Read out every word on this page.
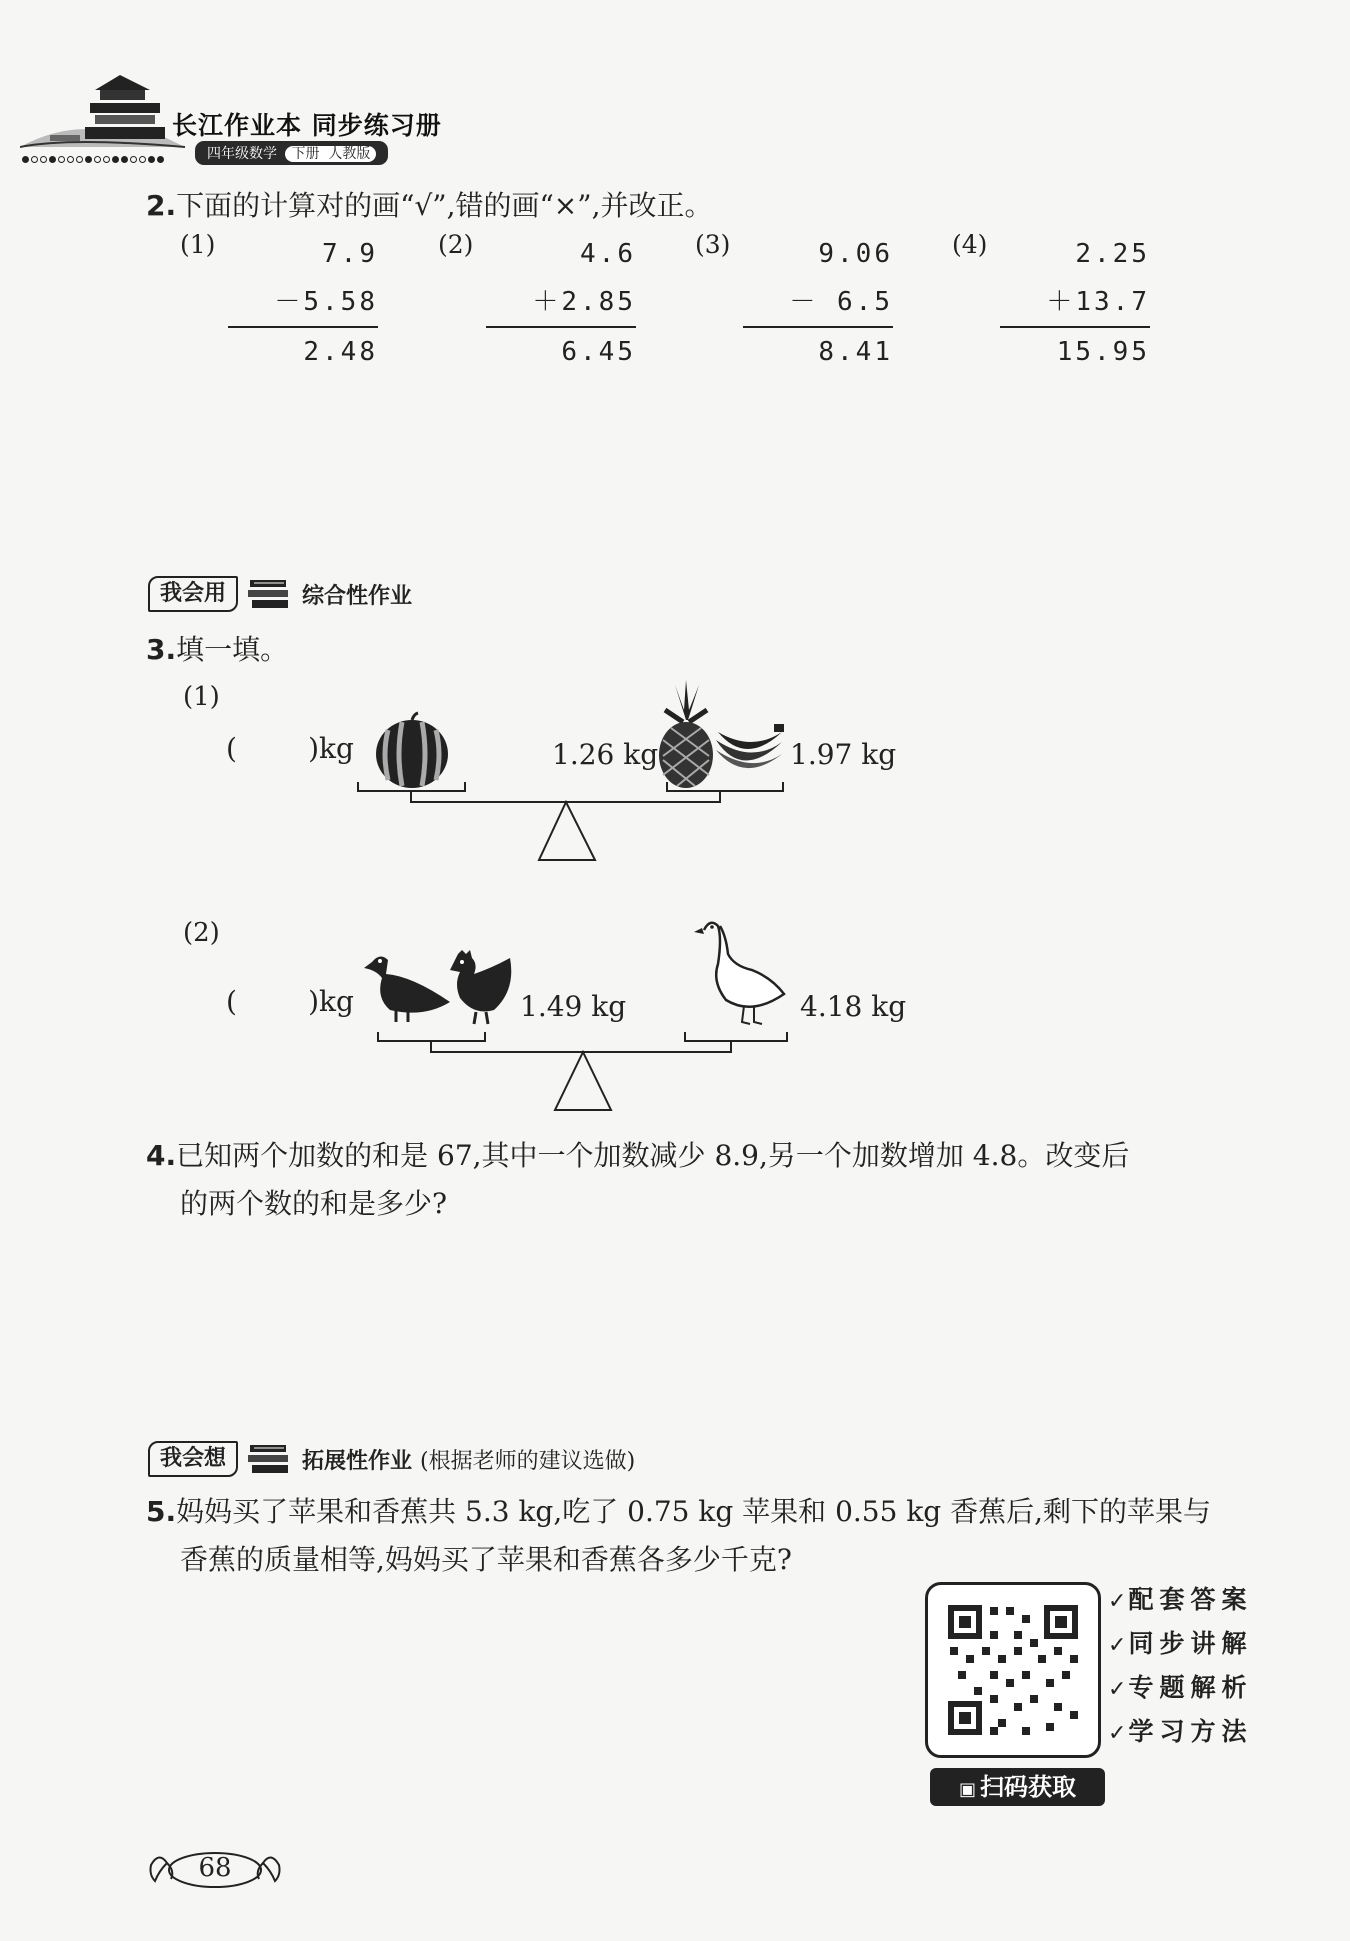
长江作业本 同步练习册
四年级数学 下册 人教版
2.下面的计算对的画“√”,错的画“×”,并改正。
(1)	7.9
－5.58
2.48
(2)	4.6
＋2.85
6.45
(3)	9.06
－ 6.5
8.41
(4)	2.25
＋13.7
15.95
我会用	综合性作业
3.填一填。
(1)
(        )kg	1.26 kg	1.97 kg
(2)
(        )kg	1.49 kg	4.18 kg
4.已知两个加数的和是 67,其中一个加数减少 8.9,另一个加数增加 4.8。改变后
的两个数的和是多少?
我会想	拓展性作业 (根据老师的建议选做)
5.妈妈买了苹果和香蕉共 5.3 kg,吃了 0.75 kg 苹果和 0.55 kg 香蕉后,剩下的苹果与
香蕉的质量相等,妈妈买了苹果和香蕉各多少千克?
▣ 扫码获取
✓配套答案
✓同步讲解
✓专题解析
✓学习方法
68
